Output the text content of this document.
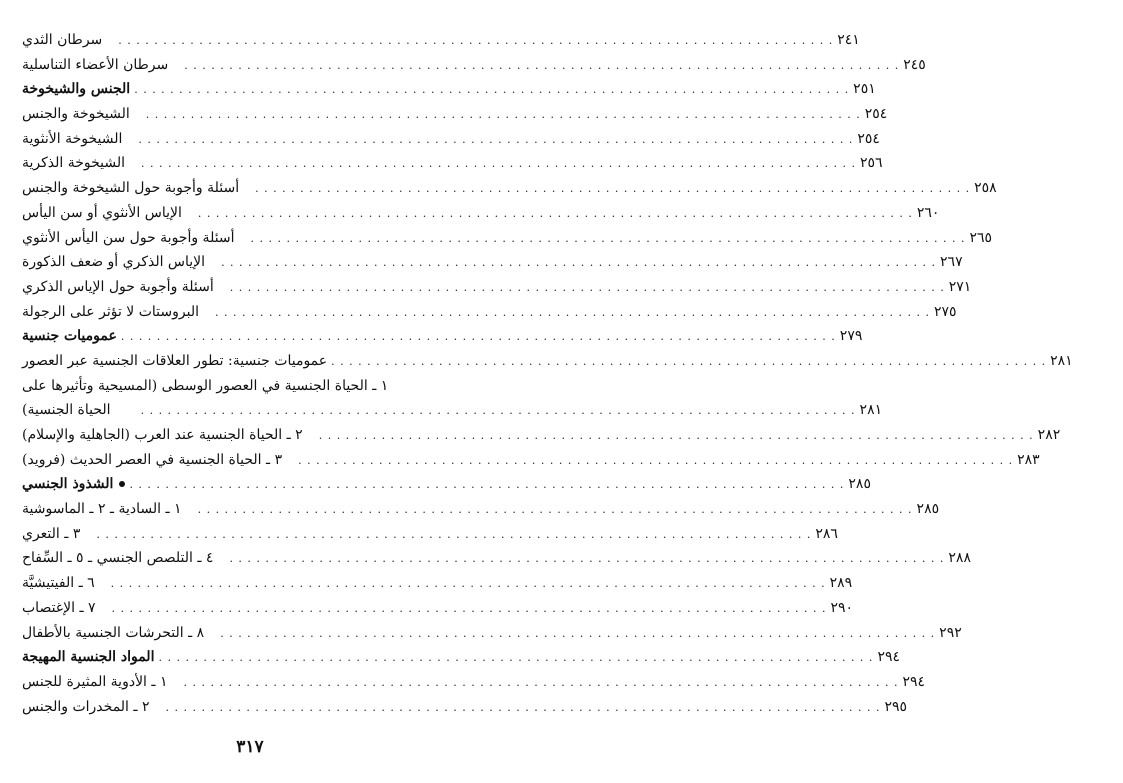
سرطان الثدي	. . . . . . . . . . . . . . . . . . . . . . . . . . . . . . . . . . . . . . . . . . . . . . . . . . . . . . . . . . . . . . . . . . . . . . . . . . . . . . . . ٢٤١
سرطان الأعضاء التناسلية	. . . . . . . . . . . . . . . . . . . . . . . . . . . . . . . . . . . . . . . . . . . . . . . . . . . . . . . . . . . . . . . . . . . . . . . . . . . . . . . . ٢٤٥
الجنس والشيخوخة . . . . . . . . . . . . . . . . . . . . . . . . . . . . . . . . . . . . . . . . . . . . . . . . . . . . . . . . . . . . . . . . . . . . . . . . . . . . . . . . ٢٥١
الشيخوخة والجنس	. . . . . . . . . . . . . . . . . . . . . . . . . . . . . . . . . . . . . . . . . . . . . . . . . . . . . . . . . . . . . . . . . . . . . . . . . . . . . . . . ٢٥٤
الشيخوخة الأنثوية	. . . . . . . . . . . . . . . . . . . . . . . . . . . . . . . . . . . . . . . . . . . . . . . . . . . . . . . . . . . . . . . . . . . . . . . . . . . . . . . . ٢٥٤
الشيخوخة الذكرية	. . . . . . . . . . . . . . . . . . . . . . . . . . . . . . . . . . . . . . . . . . . . . . . . . . . . . . . . . . . . . . . . . . . . . . . . . . . . . . . . ٢٥٦
أسئلة وأجوبة حول الشيخوخة والجنس	. . . . . . . . . . . . . . . . . . . . . . . . . . . . . . . . . . . . . . . . . . . . . . . . . . . . . . . . . . . . . . . . . . . . . . . . . . . . . . . . ٢٥٨
الإياس الأنثوي أو سن اليأس	. . . . . . . . . . . . . . . . . . . . . . . . . . . . . . . . . . . . . . . . . . . . . . . . . . . . . . . . . . . . . . . . . . . . . . . . . . . . . . . . ٢٦٠
أسئلة وأجوبة حول سن اليأس الأنثوي	. . . . . . . . . . . . . . . . . . . . . . . . . . . . . . . . . . . . . . . . . . . . . . . . . . . . . . . . . . . . . . . . . . . . . . . . . . . . . . . . ٢٦٥
الإياس الذكري أو ضعف الذكورة	. . . . . . . . . . . . . . . . . . . . . . . . . . . . . . . . . . . . . . . . . . . . . . . . . . . . . . . . . . . . . . . . . . . . . . . . . . . . . . . . ٢٦٧
أسئلة وأجوبة حول الإياس الذكري	. . . . . . . . . . . . . . . . . . . . . . . . . . . . . . . . . . . . . . . . . . . . . . . . . . . . . . . . . . . . . . . . . . . . . . . . . . . . . . . . ٢٧١
البروستات لا تؤثر على الرجولة	. . . . . . . . . . . . . . . . . . . . . . . . . . . . . . . . . . . . . . . . . . . . . . . . . . . . . . . . . . . . . . . . . . . . . . . . . . . . . . . . ٢٧٥
عموميات جنسية . . . . . . . . . . . . . . . . . . . . . . . . . . . . . . . . . . . . . . . . . . . . . . . . . . . . . . . . . . . . . . . . . . . . . . . . . . . . . . . . ٢٧٩
عموميات جنسية: تطور العلاقات الجنسية عبر العصور . . . . . . . . . . . . . . . . . . . . . . . . . . . . . . . . . . . . . . . . . . . . . . . . . . . . . . . . . . . . . . . . . . . . . . . . . . . . . . . . ٢٨١
١ ـ الحياة الجنسية في العصور الوسطى (المسيحية وتأثيرها على
الحياة الجنسية)	. . . . . . . . . . . . . . . . . . . . . . . . . . . . . . . . . . . . . . . . . . . . . . . . . . . . . . . . . . . . . . . . . . . . . . . . . . . . . . . . ٢٨١
٢ ـ الحياة الجنسية عند العرب (الجاهلية والإسلام)	. . . . . . . . . . . . . . . . . . . . . . . . . . . . . . . . . . . . . . . . . . . . . . . . . . . . . . . . . . . . . . . . . . . . . . . . . . . . . . . . ٢٨٢
٣ ـ الحياة الجنسية في العصر الحديث (فرويد)	. . . . . . . . . . . . . . . . . . . . . . . . . . . . . . . . . . . . . . . . . . . . . . . . . . . . . . . . . . . . . . . . . . . . . . . . . . . . . . . . ٢٨٣
الشذوذ الجنسي	. . . . . . . . . . . . . . . . . . . . . . . . . . . . . . . . . . . . . . . . . . . . . . . . . . . . . . . . . . . . . . . . . . . . . . . . . . . . . . . . ٢٨٥
١ ـ السادية ـ ٢ ـ الماسوشية	. . . . . . . . . . . . . . . . . . . . . . . . . . . . . . . . . . . . . . . . . . . . . . . . . . . . . . . . . . . . . . . . . . . . . . . . . . . . . . . . ٢٨٥
٣ ـ التعري	. . . . . . . . . . . . . . . . . . . . . . . . . . . . . . . . . . . . . . . . . . . . . . . . . . . . . . . . . . . . . . . . . . . . . . . . . . . . . . . . ٢٨٦
٤ ـ التلصص الجنسي ـ ٥ ـ السِّفاح	. . . . . . . . . . . . . . . . . . . . . . . . . . . . . . . . . . . . . . . . . . . . . . . . . . . . . . . . . . . . . . . . . . . . . . . . . . . . . . . . ٢٨٨
٦ ـ الفيتيشيَّة	. . . . . . . . . . . . . . . . . . . . . . . . . . . . . . . . . . . . . . . . . . . . . . . . . . . . . . . . . . . . . . . . . . . . . . . . . . . . . . . . ٢٨٩
٧ ـ الإغتصاب	. . . . . . . . . . . . . . . . . . . . . . . . . . . . . . . . . . . . . . . . . . . . . . . . . . . . . . . . . . . . . . . . . . . . . . . . . . . . . . . . ٢٩٠
٨ ـ التحرشات الجنسية بالأطفال	. . . . . . . . . . . . . . . . . . . . . . . . . . . . . . . . . . . . . . . . . . . . . . . . . . . . . . . . . . . . . . . . . . . . . . . . . . . . . . . . ٢٩٢
المواد الجنسية المهيجة . . . . . . . . . . . . . . . . . . . . . . . . . . . . . . . . . . . . . . . . . . . . . . . . . . . . . . . . . . . . . . . . . . . . . . . . . . . . . . . . ٢٩٤
١ ـ الأدوية المثيرة للجنس	. . . . . . . . . . . . . . . . . . . . . . . . . . . . . . . . . . . . . . . . . . . . . . . . . . . . . . . . . . . . . . . . . . . . . . . . . . . . . . . . ٢٩٤
٢ ـ المخدرات والجنس	. . . . . . . . . . . . . . . . . . . . . . . . . . . . . . . . . . . . . . . . . . . . . . . . . . . . . . . . . . . . . . . . . . . . . . . . . . . . . . . . ٢٩٥
٣١٧
